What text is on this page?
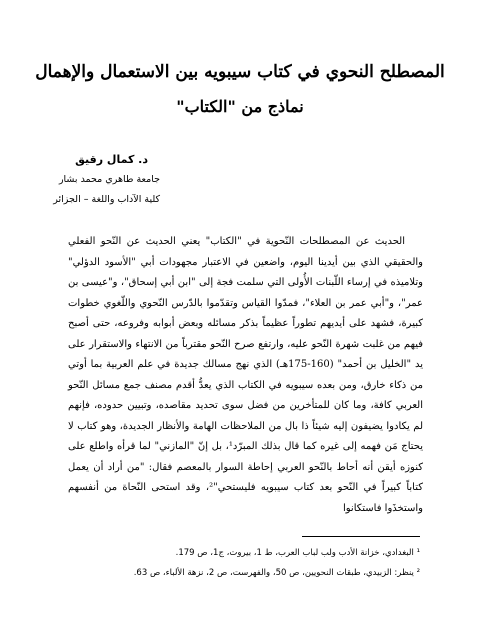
المصطلح النحوي في كتاب سيبويه بين الاستعمال والإهمال
نماذج من "الكتاب"
د. كمال رقيق
جامعة طاهري محمد بشار
كلية الآداب واللغة – الجزائر

الحديث عن المصطلحات النّحوية في "الكتاب" يعني الحديث عن النّحو الفعلي والحقيقي الذي بين أيدينا اليوم، واضعين في الاعتبار مجهودات أبي "الأسود الدؤلي" وتلاميذه في إرساء اللّبنات الأُولى التي سلمت فجة إلى "ابن أبي إسحاق"، و"عيسى بن عمر"، و"أبي عمر بن العلاء"، فمدّوا القياس وتقدّموا بالدّرس النّحوي واللّغوي خطوات كبيرة، فشهد على أيديهم تطوراً عظيماً بذكر مسائله وبعض أبوابه وفروعه، حتى أصبح فيهم من غلبت شهرة النّحو عليه، وارتفع صرح النّحو مقترباً من الانتهاء والاستقرار على يد "الخليل بن أحمد" (160-175هـ) الذي نهج مسالك جديدة في علم العربية بما أوتي من ذكاء خارق، ومن بعده سيبويه في الكتاب الذي يعدُّ أقدم مصنف جمع مسائل النّحو العربي كافة، وما كان للمتأخرين من فضل سوى تحديد مقاصده، وتبيين حدوده، فإنهم لم يكادوا يضيفون إليه شيئاً ذا بال من الملاحظات الهامة والأنظار الجديدة، وهو كتاب لا يحتاج مَن فهمه إلى غيره كما قال بذلك المبرّد¹، بل إنّ "المازني" لما قرأه واطلع على كنوزه أيقن أنه أحاط بالنّحو العربي إحاطة السوار بالمعصم فقال: "من أراد أن يعمل كتاباً كبيراً في النّحو بعد كتاب سيبويه فليستحي"²، وقد استحى النّحاة من أنفسهم واستخذَوا فاستكانوا

¹ البغدادي، خزانة الأدب ولب لباب العرب، ط 1، بيروت، ج1، ص 179.
² ينظر: الزبيدي، طبقات النحويين، ص 50، والفهرست، ص 2، نزهة الألباء، ص 63.
